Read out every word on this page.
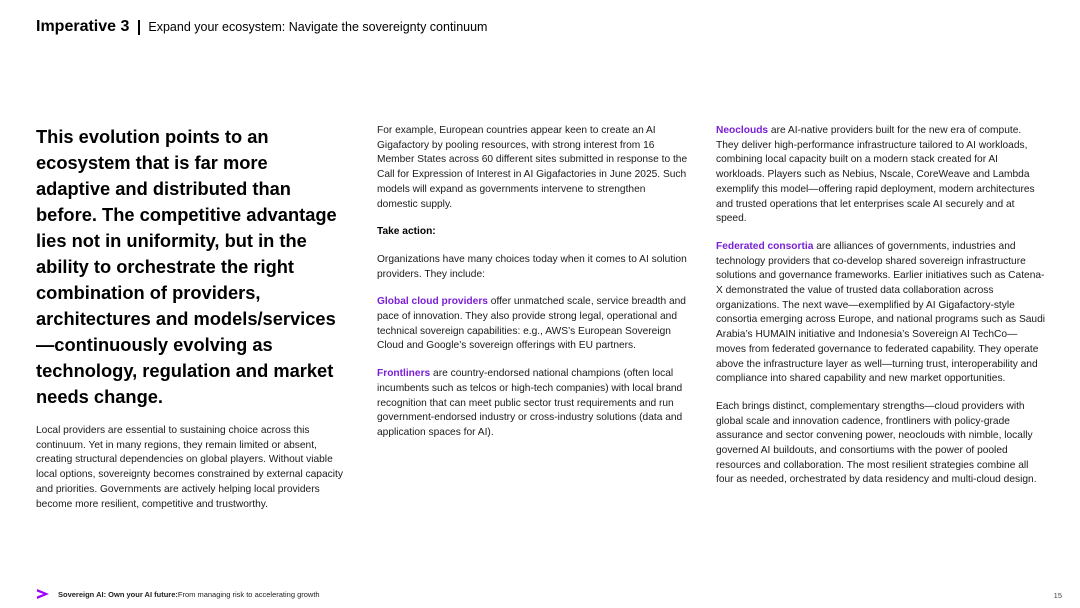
Imperative 3 Expand your ecosystem: Navigate the sovereignty continuum

This evolution points to an ecosystem that is far more adaptive and distributed than before. The competitive advantage lies not in uniformity, but in the ability to orchestrate the right combination of providers, architectures and models/services—continuously evolving as technology, regulation and market needs change.

Local providers are essential to sustaining choice across this continuum. Yet in many regions, they remain limited or absent, creating structural dependencies on global players. Without viable local options, sovereignty becomes constrained by external capacity and priorities. Governments are actively helping local providers become more resilient, competitive and trustworthy.

For example, European countries appear keen to create an AI Gigafactory by pooling resources, with strong interest from 16 Member States across 60 different sites submitted in response to the Call for Expression of Interest in AI Gigafactories in June 2025. Such models will expand as governments intervene to strengthen domestic supply.

Take action:

Organizations have many choices today when it comes to AI solution providers. They include:

Global cloud providers offer unmatched scale, service breadth and pace of innovation. They also provide strong legal, operational and technical sovereign capabilities: e.g., AWS’s European Sovereign Cloud and Google’s sovereign offerings with EU partners.

Frontliners are country-endorsed national champions (often local incumbents such as telcos or high-tech companies) with local brand recognition that can meet public sector trust requirements and run government-endorsed industry or cross-industry solutions (data and application spaces for AI).

Neoclouds are AI-native providers built for the new era of compute. They deliver high-performance infrastructure tailored to AI workloads, combining local capacity built on a modern stack created for AI workloads. Players such as Nebius, Nscale, CoreWeave and Lambda exemplify this model—offering rapid deployment, modern architectures and trusted operations that let enterprises scale AI securely and at speed.

Federated consortia are alliances of governments, industries and technology providers that co-develop shared sovereign infrastructure solutions and governance frameworks. Earlier initiatives such as Catena-X demonstrated the value of trusted data collaboration across organizations. The next wave—exemplified by AI Gigafactory-style consortia emerging across Europe, and national programs such as Saudi Arabia’s HUMAIN initiative and Indonesia’s Sovereign AI TechCo—moves from federated governance to federated capability. They operate above the infrastructure layer as well—turning trust, interoperability and compliance into shared capability and new market opportunities.

Each brings distinct, complementary strengths—cloud providers with global scale and innovation cadence, frontliners with policy-grade assurance and sector convening power, neoclouds with nimble, locally governed AI buildouts, and consortiums with the power of pooled resources and collaboration. The most resilient strategies combine all four as needed, orchestrated by data residency and multi-cloud design.

Sovereign AI: Own your AI future: From managing risk to accelerating growth	15
